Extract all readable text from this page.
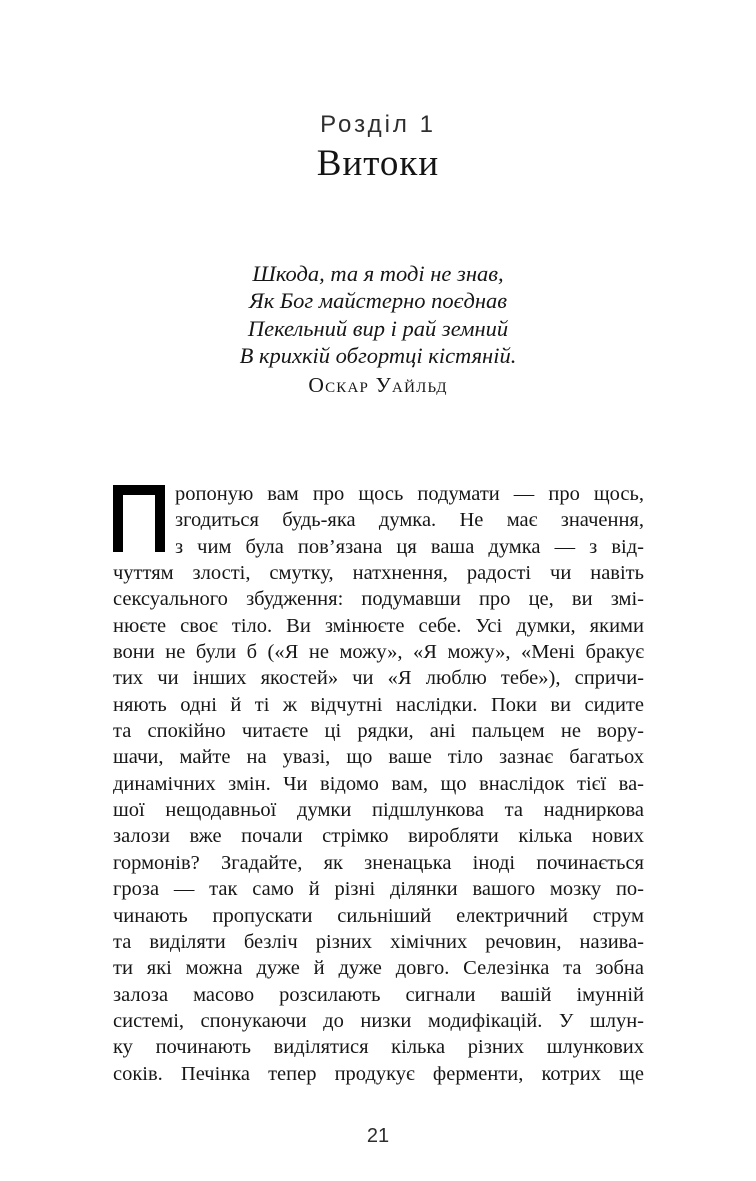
Розділ 1
Витоки
Шкода, та я тоді не знав,
Як Бог майстерно поєднав
Пекельний вир і рай земний
В крихкій обгортці кістяній.
Оскар Уайльд
ропоную вам про щось подумати — про щось,
згодиться будь-яка думка. Не має значення,
з чим була пов’язана ця ваша думка — з від-
чуттям злості, смутку, натхнення, радості чи навіть
сексуального збудження: подумавши про це, ви змі-
нюєте своє тіло. Ви змінюєте себе. Усі думки, якими
вони не були б («Я не можу», «Я можу», «Мені бракує
тих чи інших якостей» чи «Я люблю тебе»), спричи-
няють одні й ті ж відчутні наслідки. Поки ви сидите
та спокійно читаєте ці рядки, ані пальцем не вору-
шачи, майте на увазі, що ваше тіло зазнає багатьох
динамічних змін. Чи відомо вам, що внаслідок тієї ва-
шої нещодавньої думки підшлункова та надниркова
залози вже почали стрімко виробляти кілька нових
гормонів? Згадайте, як зненацька іноді починається
гроза — так само й різні ділянки вашого мозку по-
чинають пропускати сильніший електричний струм
та виділяти безліч різних хімічних речовин, назива-
ти які можна дуже й дуже довго. Селезінка та зобна
залоза масово розсилають сигнали вашій імунній
системі, спонукаючи до низки модифікацій. У шлун-
ку починають виділятися кілька різних шлункових
соків. Печінка тепер продукує ферменти, котрих ще
21
